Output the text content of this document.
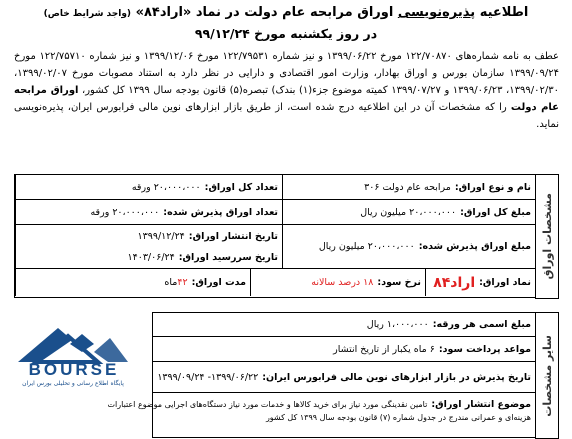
اطلاعیه پذیره‌نویسی اوراق مرابحه عام دولت در نماد «اراد۸۴» (واجد شرایط خاص)
در روز یکشنبه مورخ ۹۹/۱۲/۲۴
عطف به نامه شماره‌های ۱۲۲/۷۰۸۷۰ مورخ ۱۳۹۹/۰۶/۲۲ و نیز شماره ۱۲۲/۷۹۵۳۱ مورخ ۱۳۹۹/۱۲/۰۶ و نیز شماره ۱۲۲/۷۵۷۱۰ مورخ ۱۳۹۹/۰۹/۲۴ سازمان بورس و اوراق بهادار، وزارت امور اقتصادی و دارایی در نظر دارد به استناد مصوبات مورخ ۱۳۹۹/۰۲/۰۷، ۱۳۹۹/۰۲/۳۰، ۱۳۹۹/۰۶/۲۳ و ۱۳۹۹/۰۷/۲۷ کمیته موضوع جزء(۱) بندک) تبصره(۵) قانون بودجه سال ۱۳۹۹ کل کشور، اوراق مرابحه عام دولت را که مشخصات آن در این اطلاعیه درج شده است، از طریق بازار ابزارهای نوین مالی فرابورس ایران، پذیره‌نویسی نماید.
مشخصات اوراق
نام و نوع اوراق:
مرابحه عام دولت ۳۰۶
تعداد کل اوراق:
۲۰،۰۰۰،۰۰۰ ورقه
مبلغ کل اوراق:
۲۰،۰۰۰،۰۰۰ میلیون ریال
تعداد اوراق پذیرش شده:
۲۰،۰۰۰،۰۰۰ ورقه
مبلغ اوراق پذیرش شده:
۲۰،۰۰۰،۰۰۰ میلیون ریال
تاریخ انتشار اوراق:
۱۳۹۹/۱۲/۲۴
تاریخ سررسید اوراق:
۱۴۰۳/۰۶/۲۴
نماد اوراق:
اراد۸۴
نرخ سود:
۱۸ درصد سالانه
مدت اوراق:
۴۲
ماه
سایر مشخصات
مبلغ اسمی هر ورقه:
۱،۰۰۰،۰۰۰ ریال
مواعد پرداخت سود:
۶ ماه یکبار از تاریخ انتشار
تاریخ پذیرش در بازار ابزارهای نوین مالی فرابورس ایران:
۱۳۹۹/۰۶/۲۲- ۱۳۹۹/۰۹/۲۴
موضوع انتشار اوراق:تامین نقدینگی مورد نیاز برای خرید کالاها و خدمات مورد نیاز دستگاه‌های اجرایی موضوع اعتبارات
هزینه‌ای و عمرانی مندرج در جدول شماره (۷) قانون بودجه سال ۱۳۹۹ کل کشور
BOURSE
پایگاه اطلاع رسانی و تحلیلی بورس ایران
